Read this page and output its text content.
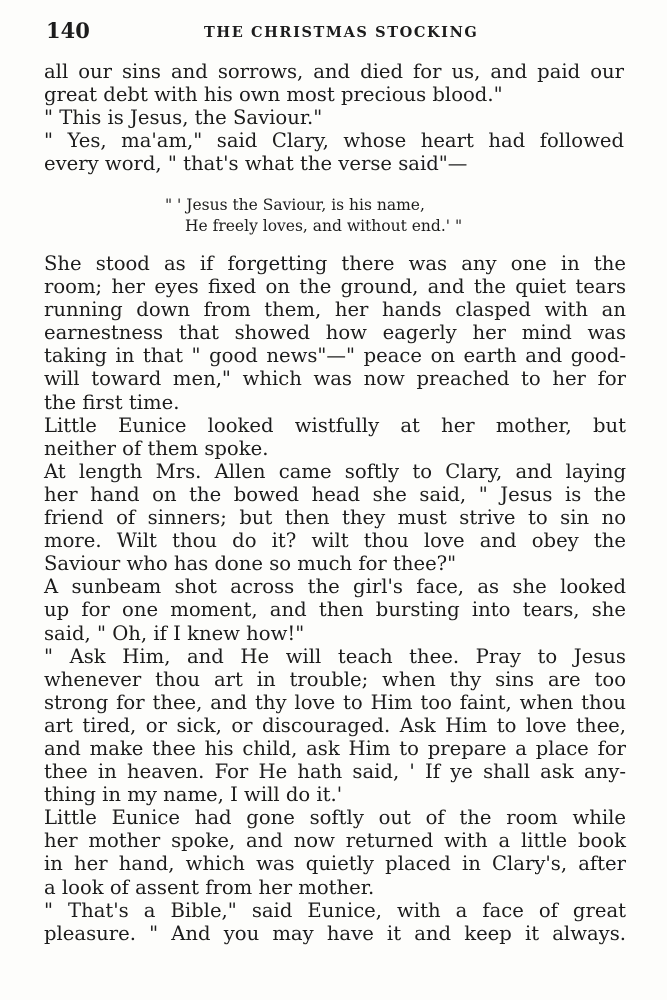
140	THE CHRISTMAS STOCKING
all our sins and sorrows, and died for us, and paid our
great debt with his own most precious blood."
" This is Jesus, the Saviour."
" Yes, ma'am," said Clary, whose heart had followed
every word, " that's what the verse said"—
" ' Jesus the Saviour, is his name,
He freely loves, and without end.' "
She stood as if forgetting there was any one in the
room; her eyes fixed on the ground, and the quiet tears
running down from them, her hands clasped with an
earnestness that showed how eagerly her mind was
taking in that " good news"—" peace on earth and good-
will toward men," which was now preached to her for
the first time.
Little Eunice looked wistfully at her mother, but
neither of them spoke.
At length Mrs. Allen came softly to Clary, and laying
her hand on the bowed head she said, " Jesus is the
friend of sinners; but then they must strive to sin no
more. Wilt thou do it? wilt thou love and obey the
Saviour who has done so much for thee?"
A sunbeam shot across the girl's face, as she looked
up for one moment, and then bursting into tears, she
said, " Oh, if I knew how!"
" Ask Him, and He will teach thee. Pray to Jesus
whenever thou art in trouble; when thy sins are too
strong for thee, and thy love to Him too faint, when thou
art tired, or sick, or discouraged. Ask Him to love thee,
and make thee his child, ask Him to prepare a place for
thee in heaven. For He hath said, ' If ye shall ask any-
thing in my name, I will do it.'
Little Eunice had gone softly out of the room while
her mother spoke, and now returned with a little book
in her hand, which was quietly placed in Clary's, after
a look of assent from her mother.
" That's a Bible," said Eunice, with a face of great
pleasure. " And you may have it and keep it always.
